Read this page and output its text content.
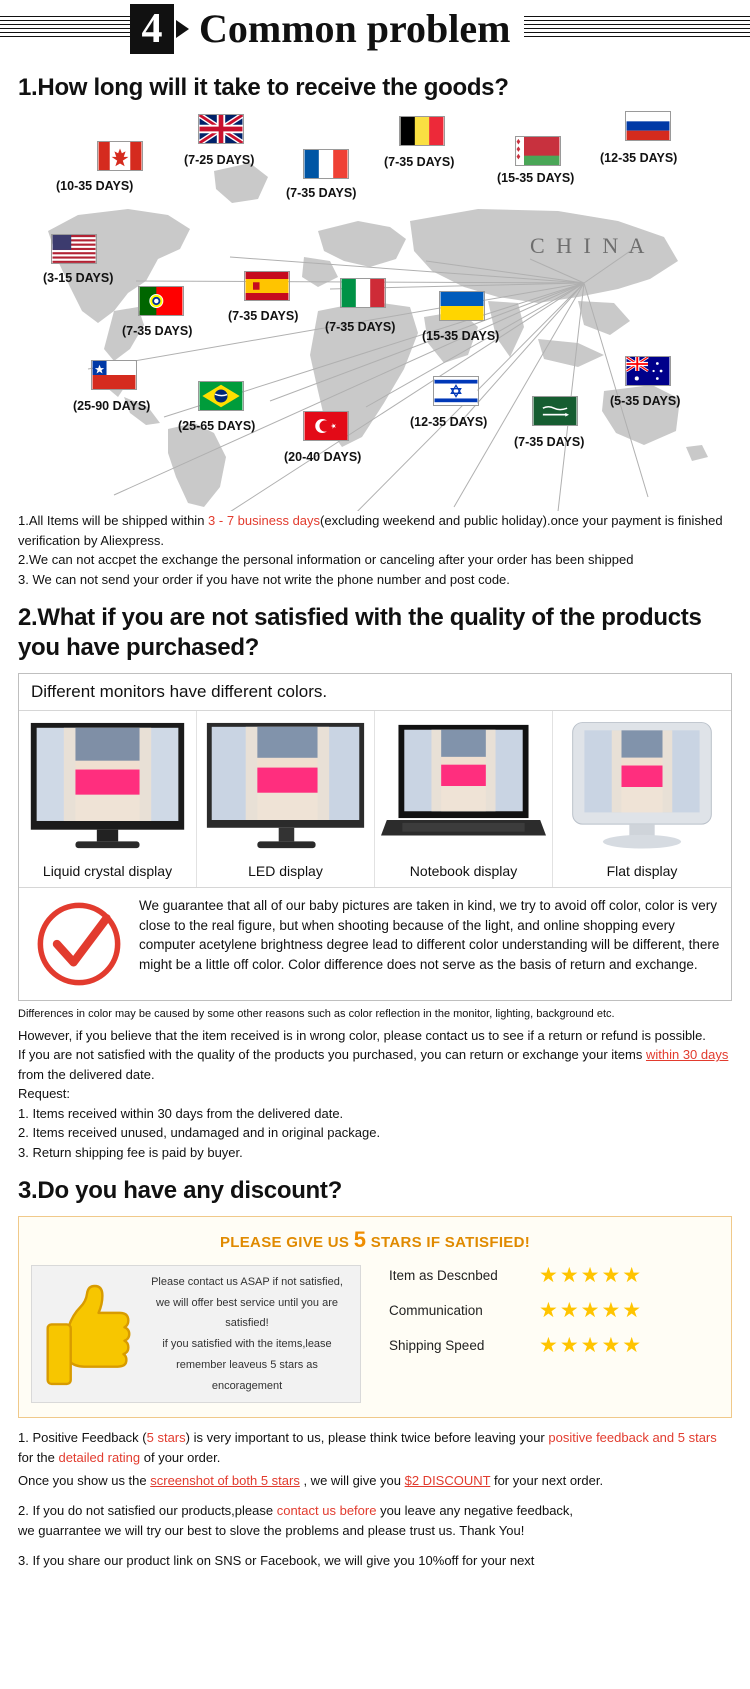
4 Common problem
1.How long will it take to receive the goods?
C H I N A
(10-35 DAYS)
(7-25 DAYS)
(7-35 DAYS)
(7-35 DAYS)
(15-35 DAYS)
(12-35 DAYS)
(3-15 DAYS)
(7-35 DAYS)
(7-35 DAYS)
(7-35 DAYS)
(15-35 DAYS)
(25-90 DAYS)
(25-65 DAYS)
(20-40 DAYS)
(12-35 DAYS)
(7-35 DAYS)
(5-35 DAYS)
1.All Items will be shipped within 3 - 7 business days(excluding weekend and public holiday).once your payment is finished verification by Aliexpress.
2.We can not accpet the exchange the personal information or canceling after your order has been shipped
3. We can not send your order if you have not write the phone number and post code.
2.What if you are not satisfied with the quality of the products you have purchased?
Different monitors have different colors.
Liquid crystal display	LED display	Notebook display	Flat display
We guarantee that all of our baby pictures are taken in kind, we try to avoid off color, color is very close to the real figure, but when shooting because of the light, and online shopping every computer acetylene brightness degree lead to different color understanding will be different, there might be a little off color. Color difference does not serve as the basis of return and exchange.
Differences in color may be caused by some other reasons such as color reflection in the monitor, lighting, background etc.
However, if you believe that the item received is in wrong color, please contact us to see if a return or refund is possible.
If you are not satisfied with the quality of the products you purchased, you can return or exchange your items within 30 days from the delivered date.
Request:
1. Items received within 30 days from the delivered date.
2. Items received unused, undamaged and in original package.
3. Return shipping fee is paid by buyer.
3.Do you have any discount?
PLEASE GIVE US 5 STARS IF SATISFIED!
Please contact us ASAP if not satisfied,
we will offer best service until you are
satisfied!
if you satisfied with the items,lease
remember leaveus 5 stars as
encoragement
Item as Descnbed	★★★★★
Communication	★★★★★
Shipping Speed	★★★★★
1. Positive Feedback (5 stars) is very important to us, please think twice before leaving your positive feedback and 5 stars for the detailed rating of your order.
Once you show us the screenshot of both 5 stars , we will give you $2 DISCOUNT for your next order.
2. If you do not satisfied our products,please contact us before you leave any negative feedback,
we guarrantee we will try our best to slove the problems and please trust us. Thank You!
3. If you share our product link on SNS or Facebook, we will give you 10%off for your next
